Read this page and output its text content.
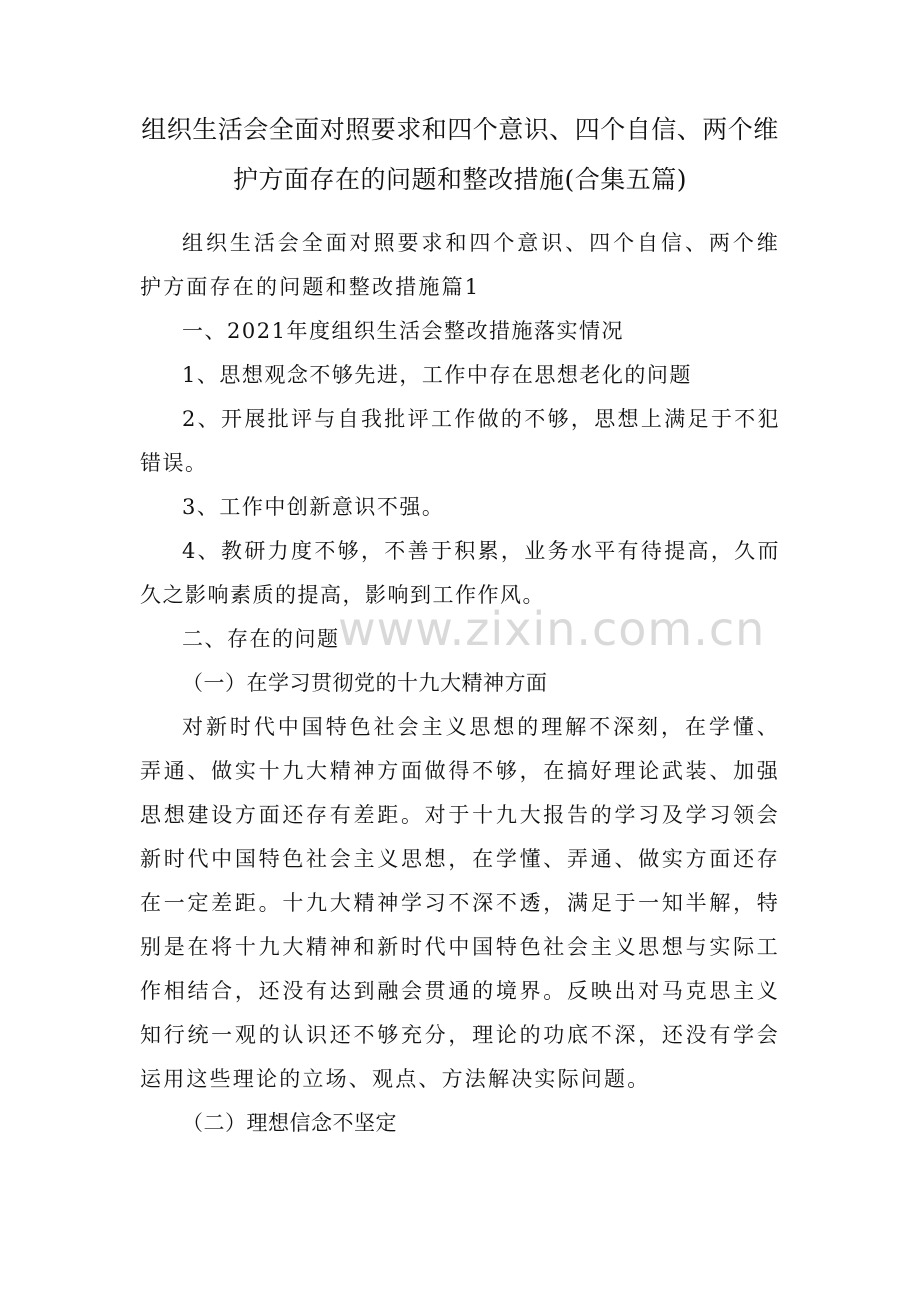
组织生活会全面对照要求和四个意识、四个自信、两个维护方面存在的问题和整改措施(合集五篇)

组织生活会全面对照要求和四个意识、四个自信、两个维护方面存在的问题和整改措施篇1

一、2021年度组织生活会整改措施落实情况

1、思想观念不够先进，工作中存在思想老化的问题

2、开展批评与自我批评工作做的不够，思想上满足于不犯错误。

3、工作中创新意识不强。

4、教研力度不够，不善于积累，业务水平有待提高，久而久之影响素质的提高，影响到工作作风。

二、存在的问题

（一）在学习贯彻党的十九大精神方面

对新时代中国特色社会主义思想的理解不深刻，在学懂、弄通、做实十九大精神方面做得不够，在搞好理论武装、加强思想建设方面还存有差距。对于十九大报告的学习及学习领会新时代中国特色社会主义思想，在学懂、弄通、做实方面还存在一定差距。十九大精神学习不深不透，满足于一知半解，特别是在将十九大精神和新时代中国特色社会主义思想与实际工作相结合，还没有达到融会贯通的境界。反映出对马克思主义知行统一观的认识还不够充分，理论的功底不深，还没有学会运用这些理论的立场、观点、方法解决实际问题。

（二）理想信念不坚定

www.zixin.com.cn
